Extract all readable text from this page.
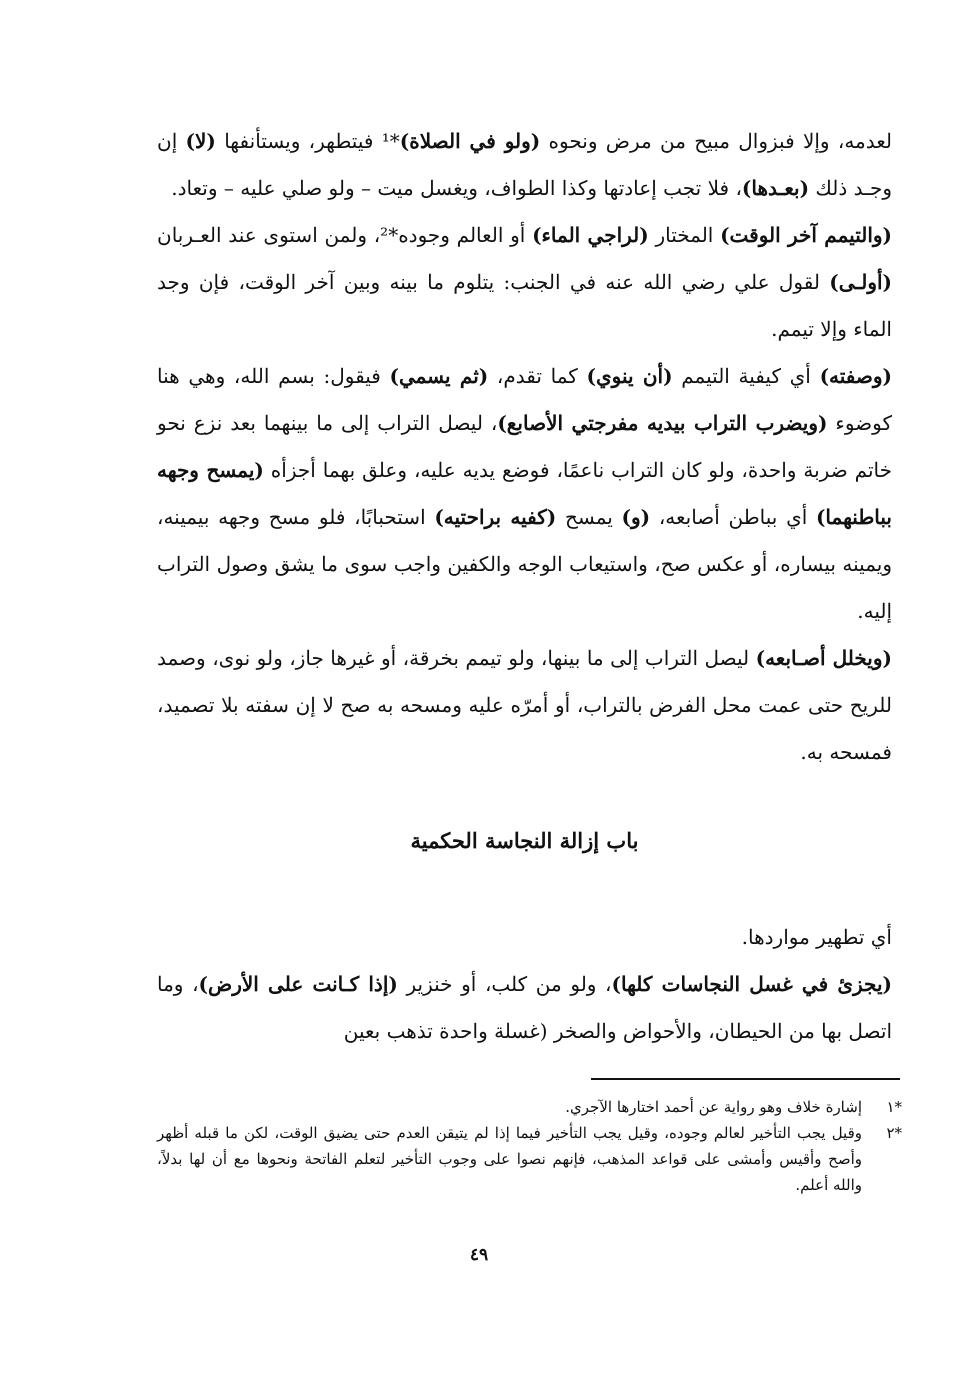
لعدمه، وإلا فبزوال مبيح من مرض ونحوه (ولو في الصلاة)*¹ فيتطهر، ويستأنفها (لا) إن وجـد ذلك (بعـدها)، فلا تجب إعادتها وكذا الطواف، ويغسل ميت – ولو صلي عليه – وتعاد.

(والتيمم آخر الوقت) المختار (لراجي الماء) أو العالم وجوده*²، ولمن استوى عند العـربان (أولـى) لقول علي رضي الله عنه في الجنب: يتلوم ما بينه وبين آخر الوقت، فإن وجد الماء وإلا تيمم.

(وصفته) أي كيفية التيمم (أن ينوي) كما تقدم، (ثم يسمي) فيقول: بسم الله، وهي هنا كوضوء (ويضرب التراب بيديه مفرجتي الأصابع)، ليصل التراب إلى ما بينهما بعد نزع نحو خاتم ضربة واحدة، ولو كان التراب ناعمًا، فوضع يديه عليه، وعلق بهما أجزأه (يمسح وجهه بباطنهما) أي بباطن أصابعه، (و) يمسح (كفيه براحتيه) استحبابًا، فلو مسح وجهه بيمينه، ويمينه بيساره، أو عكس صح، واستيعاب الوجه والكفين واجب سوى ما يشق وصول التراب إليه.

(ويخلل أصـابعه) ليصل التراب إلى ما بينها، ولو تيمم بخرقة، أو غيرها جاز، ولو نوى، وصمد للريح حتى عمت محل الفرض بالتراب، أو أمرّه عليه ومسحه به صح لا إن سفته بلا تصميد، فمسحه به.

باب إزالة النجاسة الحكمية

أي تطهير مواردها.

(يجزئ في غسل النجاسات كلها)، ولو من كلب، أو خنزير (إذا كـانت على الأرض)، وما اتصل بها من الحيطان، والأحواض والصخر (غسلة واحدة تذهب بعين

*١
إشارة خلاف وهو رواية عن أحمد اختارها الآجري.
*٢
وقيل يجب التأخير لعالم وجوده، وقيل يجب التأخير فيما إذا لم يتيقن العدم حتى يضيق الوقت، لكن ما قبله أظهر وأصح وأقيس وأمشى على قواعد المذهب، فإنهم نصوا على وجوب التأخير لتعلم الفاتحة ونحوها مع أن لها بدلاً، والله أعلم.
٤٩
